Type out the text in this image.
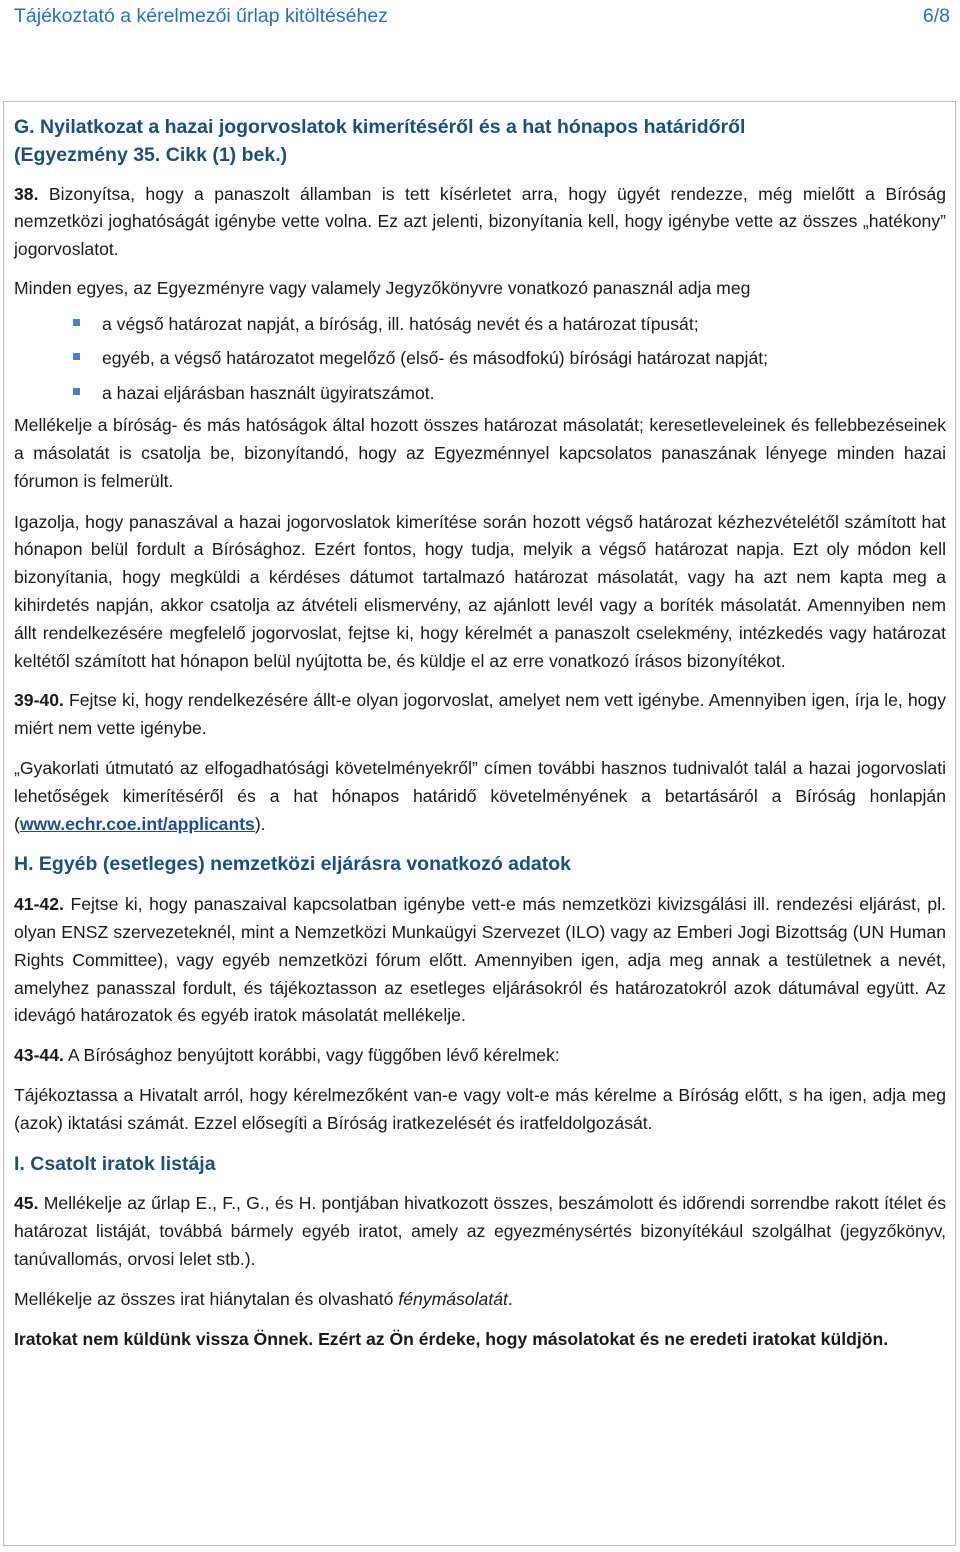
Tájékoztató a kérelmezői űrlap kitöltéséhez	6/8
G. Nyilatkozat a hazai jogorvoslatok kimerítéséről és a hat hónapos határidőről
(Egyezmény 35. Cikk (1) bek.)

38. Bizonyítsa, hogy a panaszolt államban is tett kísérletet arra, hogy ügyét rendezze, még mielőtt a Bíróság nemzetközi joghatóságát igénybe vette volna. Ez azt jelenti, bizonyítania kell, hogy igénybe vette az összes „hatékony” jogorvoslatot.

Minden egyes, az Egyezményre vagy valamely Jegyzőkönyvre vonatkozó panasznál adja meg

a végső határozat napját, a bíróság, ill. hatóság nevét és a határozat típusát;
egyéb, a végső határozatot megelőző (első- és másodfokú) bírósági határozat napját;
a hazai eljárásban használt ügyiratszámot.

Mellékelje a bíróság- és más hatóságok által hozott összes határozat másolatát; keresetleveleinek és fellebbezéseinek a másolatát is csatolja be, bizonyítandó, hogy az Egyezménnyel kapcsolatos panaszának lényege minden hazai fórumon is felmerült.

Igazolja, hogy panaszával a hazai jogorvoslatok kimerítése során hozott végső határozat kézhezvételétől számított hat hónapon belül fordult a Bírósághoz. Ezért fontos, hogy tudja, melyik a végső határozat napja. Ezt oly módon kell bizonyítania, hogy megküldi a kérdéses dátumot tartalmazó határozat másolatát, vagy ha azt nem kapta meg a kihirdetés napján, akkor csatolja az átvételi elismervény, az ajánlott levél vagy a boríték másolatát. Amennyiben nem állt rendelkezésére megfelelő jogorvoslat, fejtse ki, hogy kérelmét a panaszolt cselekmény, intézkedés vagy határozat keltétől számított hat hónapon belül nyújtotta be, és küldje el az erre vonatkozó írásos bizonyítékot.

39-40. Fejtse ki, hogy rendelkezésére állt-e olyan jogorvoslat, amelyet nem vett igénybe. Amennyiben igen, írja le, hogy miért nem vette igénybe.

„Gyakorlati útmutató az elfogadhatósági követelményekről” címen további hasznos tudnivalót talál a hazai jogorvoslati lehetőségek kimerítéséről és a hat hónapos határidő követelményének a betartásáról a Bíróság honlapján (www.echr.coe.int/applicants).

H. Egyéb (esetleges) nemzetközi eljárásra vonatkozó adatok

41-42. Fejtse ki, hogy panaszaival kapcsolatban igénybe vett-e más nemzetközi kivizsgálási ill. rendezési eljárást, pl. olyan ENSZ szervezeteknél, mint a Nemzetközi Munkaügyi Szervezet (ILO) vagy az Emberi Jogi Bizottság (UN Human Rights Committee), vagy egyéb nemzetközi fórum előtt. Amennyiben igen, adja meg annak a testületnek a nevét, amelyhez panasszal fordult, és tájékoztasson az esetleges eljárásokról és határozatokról azok dátumával együtt. Az idevágó határozatok és egyéb iratok másolatát mellékelje.

43-44. A Bírósághoz benyújtott korábbi, vagy függőben lévő kérelmek:

Tájékoztassa a Hivatalt arról, hogy kérelmezőként van-e vagy volt-e más kérelme a Bíróság előtt, s ha igen, adja meg (azok) iktatási számát. Ezzel elősegíti a Bíróság iratkezelését és iratfeldolgozását.

I. Csatolt iratok listája

45. Mellékelje az űrlap E., F., G., és H. pontjában hivatkozott összes, beszámolott és időrendi sorrendbe rakott ítélet és határozat listáját, továbbá bármely egyéb iratot, amely az egyezménysértés bizonyítékául szolgálhat (jegyzőkönyv, tanúvallomás, orvosi lelet stb.).

Mellékelje az összes irat hiánytalan és olvasható fénymásolatát.

Iratokat nem küldünk vissza Önnek. Ezért az Ön érdeke, hogy másolatokat és ne eredeti iratokat küldjön.
